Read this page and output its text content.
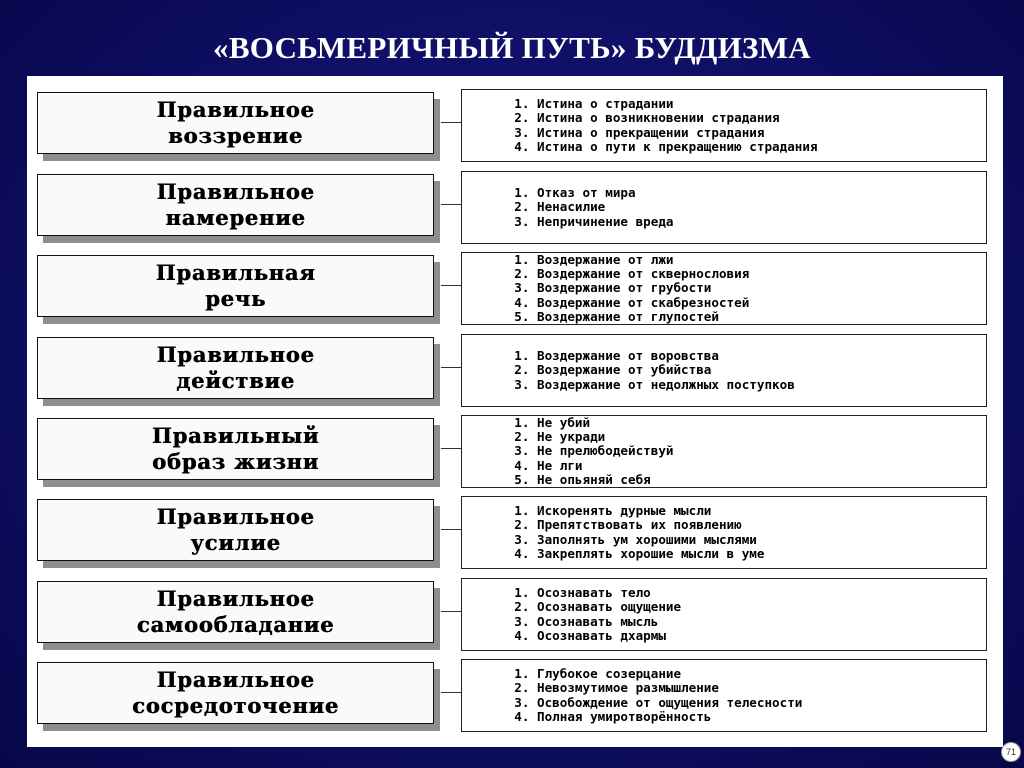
«ВОСЬМЕРИЧНЫЙ ПУТЬ» БУДДИЗМА
Правильное
воззрение
1. Истина о страдании
2. Истина о возникновении страдания
3. Истина о прекращении страдания
4. Истина о пути к прекращению страдания
Правильное
намерение
1. Отказ от мира
2. Ненасилие
3. Непричинение вреда
Правильная
речь
1. Воздержание от лжи
2. Воздержание от сквернословия
3. Воздержание от грубости
4. Воздержание от скабрезностей
5. Воздержание от глупостей
Правильное
действие
1. Воздержание от воровства
2. Воздержание от убийства
3. Воздержание от недолжных поступков
Правильный
образ жизни
1. Не убий
2. Не укради
3. Не прелюбодействуй
4. Не лги
5. Не опьяняй себя
Правильное
усилие
1. Искоренять дурные мысли
2. Препятствовать их появлению
3. Заполнять ум хорошими мыслями
4. Закреплять хорошие мысли в уме
Правильное
самообладание
1. Осознавать тело
2. Осознавать ощущение
3. Осознавать мысль
4. Осознавать дхармы
Правильное
сосредоточение
1. Глубокое созерцание
2. Невозмутимое размышление
3. Освобождение от ощущения телесности
4. Полная умиротворённость
71
